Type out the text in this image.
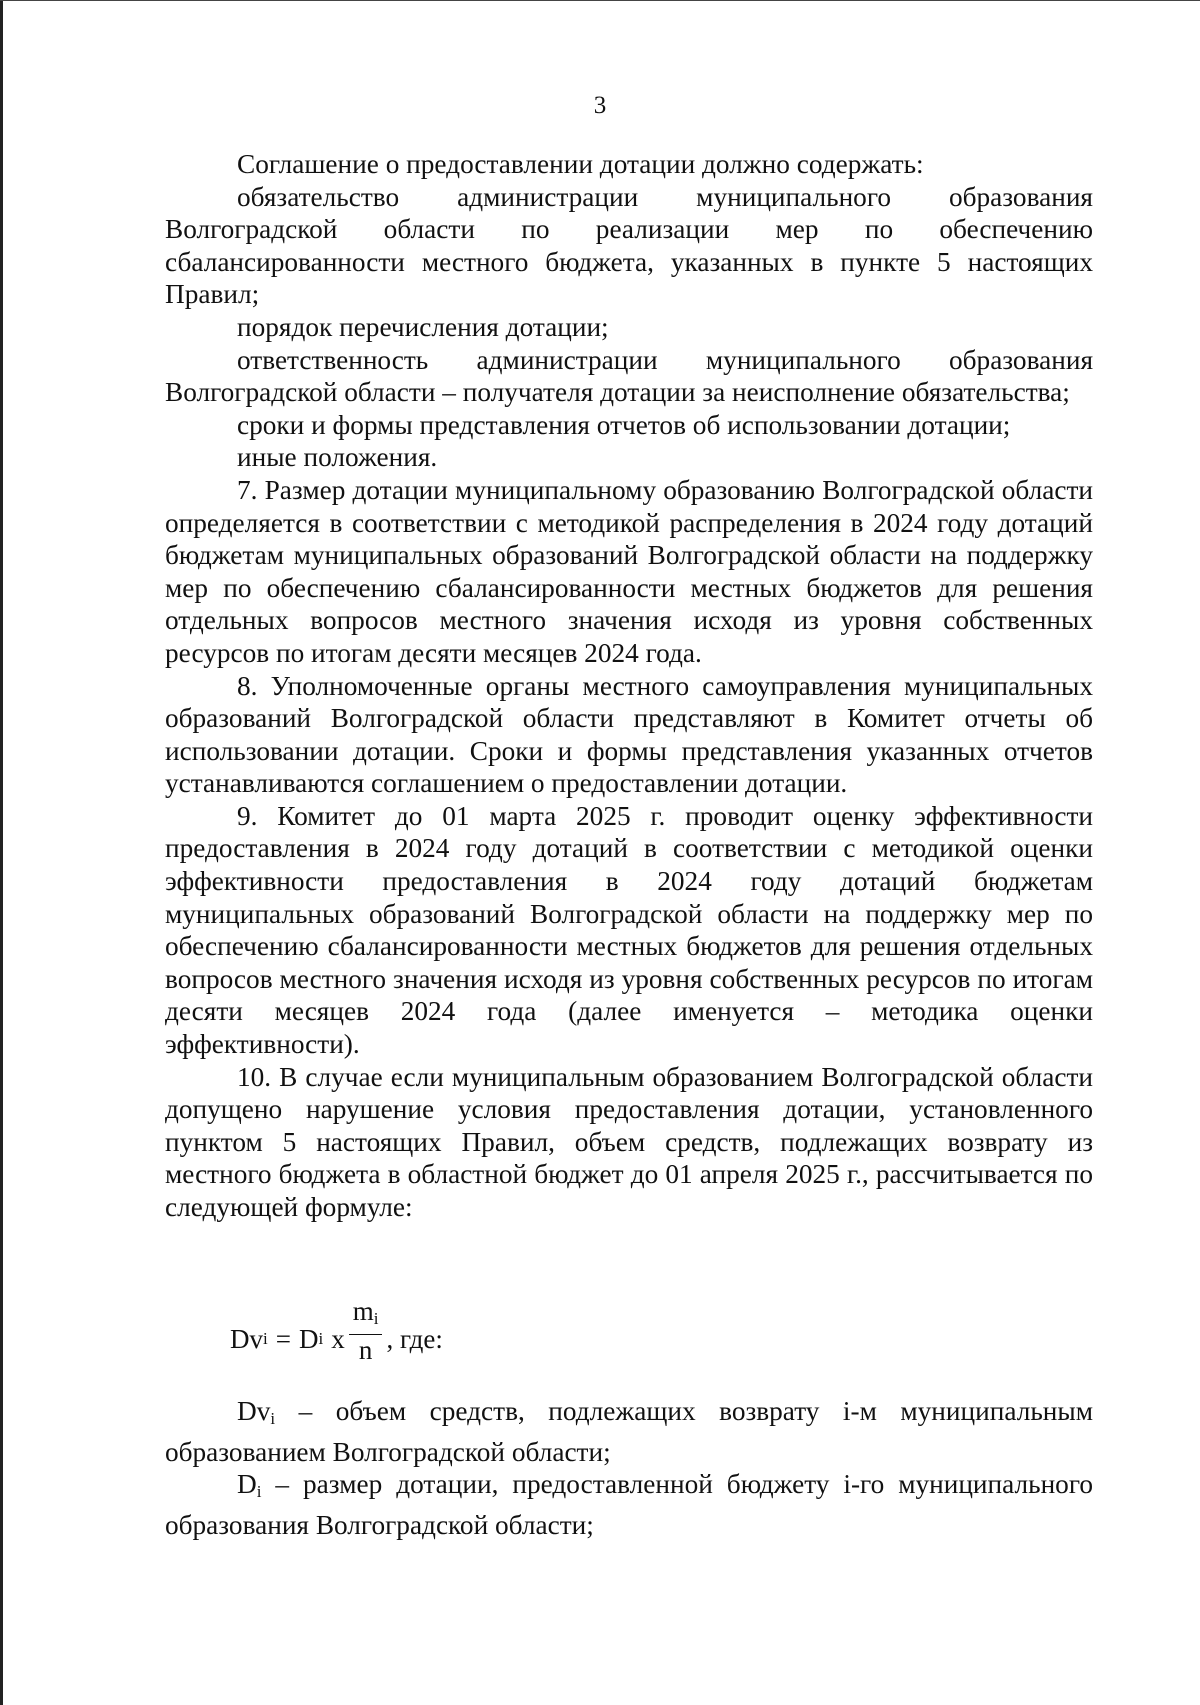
3

Соглашение о предоставлении дотации должно содержать:

обязательство администрации муниципального образования Волгоградской области по реализации мер по обеспечению сбалансированности местного бюджета, указанных в пункте 5 настоящих Правил;

порядок перечисления дотации;

ответственность администрации муниципального образования Волгоградской области – получателя дотации за неисполнение обязательства;

сроки и формы представления отчетов об использовании дотации;

иные положения.

7. Размер дотации муниципальному образованию Волгоградской области определяется в соответствии с методикой распределения в 2024 году дотаций бюджетам муниципальных образований Волгоградской области на поддержку мер по обеспечению сбалансированности местных бюджетов для решения отдельных вопросов местного значения исходя из уровня собственных ресурсов по итогам десяти месяцев 2024 года.

8. Уполномоченные органы местного самоуправления муниципальных образований Волгоградской области представляют в Комитет отчеты об использовании дотации. Сроки и формы представления указанных отчетов устанавливаются соглашением о предоставлении дотации.

9. Комитет до 01 марта 2025 г. проводит оценку эффективности предоставления в 2024 году дотаций в соответствии с методикой оценки эффективности предоставления в 2024 году дотаций бюджетам муниципальных образований Волгоградской области на поддержку мер по обеспечению сбалансированности местных бюджетов для решения отдельных вопросов местного значения исходя из уровня собственных ресурсов по итогам десяти месяцев 2024 года (далее именуется – методика оценки эффективности).

10. В случае если муниципальным образованием Волгоградской области допущено нарушение условия предоставления дотации, установленного пунктом 5 настоящих Правил, объем средств, подлежащих возврату из местного бюджета в областной бюджет до 01 апреля 2025 г., рассчитывается по следующей формуле:

Dv i = D i x $\frac{m_i}{n}$ , где:

$Dv_i$ – объем средств, подлежащих возврату i-м муниципальным образованием Волгоградской области;

$D_i$ – размер дотации, предоставленной бюджету i-го муниципального образования Волгоградской области;
